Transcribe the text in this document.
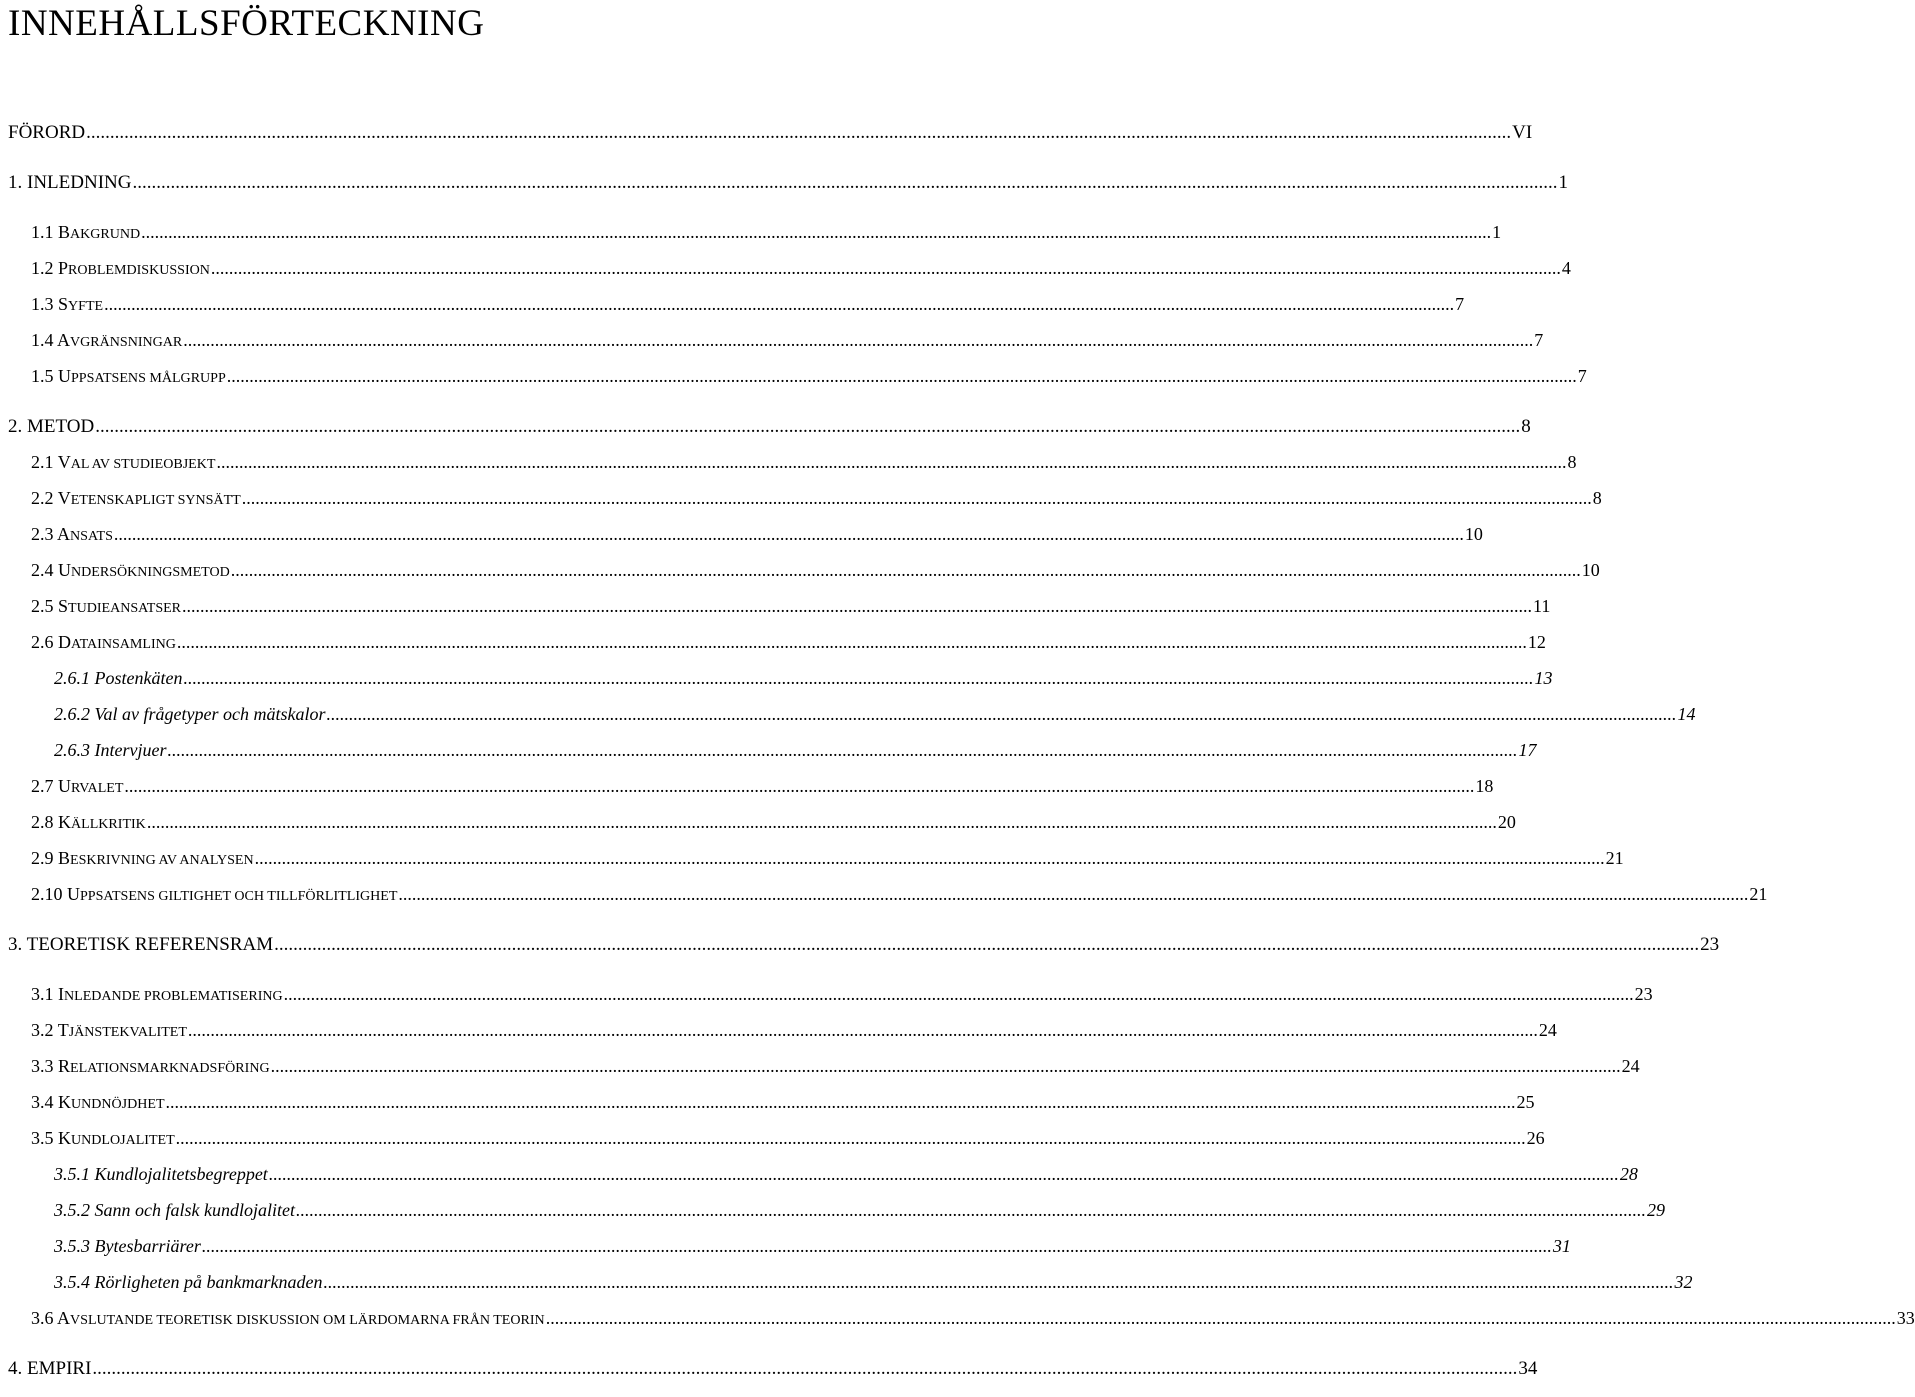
INNEHÅLLSFÖRTECKNING
FÖRORD ............................................................................................................................................................................................................................................................................................................ VI
1. INLEDNING ............................................................................................................................................................................................................................................................................................................ 1
1.1 BAKGRUND ............................................................................................................................................................................................................................................................................................................ 1
1.2 PROBLEMDISKUSSION ............................................................................................................................................................................................................................................................................................................ 4
1.3 SYFTE ............................................................................................................................................................................................................................................................................................................ 7
1.4 AVGRÄNSNINGAR ............................................................................................................................................................................................................................................................................................................ 7
1.5 UPPSATSENS MÅLGRUPP ............................................................................................................................................................................................................................................................................................................ 7
2. METOD ............................................................................................................................................................................................................................................................................................................ 8
2.1 VAL AV STUDIEOBJEKT ............................................................................................................................................................................................................................................................................................................ 8
2.2 VETENSKAPLIGT SYNSÄTT ............................................................................................................................................................................................................................................................................................................ 8
2.3 ANSATS ............................................................................................................................................................................................................................................................................................................ 10
2.4 UNDERSÖKNINGSMETOD ............................................................................................................................................................................................................................................................................................................ 10
2.5 STUDIEANSATSER ............................................................................................................................................................................................................................................................................................................ 11
2.6 DATAINSAMLING ............................................................................................................................................................................................................................................................................................................ 12
2.6.1 Postenkäten ............................................................................................................................................................................................................................................................................................................ 13
2.6.2 Val av frågetyper och mätskalor ............................................................................................................................................................................................................................................................................................................ 14
2.6.3 Intervjuer ............................................................................................................................................................................................................................................................................................................ 17
2.7 URVALET ............................................................................................................................................................................................................................................................................................................ 18
2.8 KÄLLKRITIK ............................................................................................................................................................................................................................................................................................................ 20
2.9 BESKRIVNING AV ANALYSEN ............................................................................................................................................................................................................................................................................................................ 21
2.10 UPPSATSENS GILTIGHET OCH TILLFÖRLITLIGHET ............................................................................................................................................................................................................................................................................................................ 21
3. TEORETISK REFERENSRAM ............................................................................................................................................................................................................................................................................................................ 23
3.1 INLEDANDE PROBLEMATISERING ............................................................................................................................................................................................................................................................................................................ 23
3.2 TJÄNSTEKVALITET ............................................................................................................................................................................................................................................................................................................ 24
3.3 RELATIONSMARKNADSFÖRING ............................................................................................................................................................................................................................................................................................................ 24
3.4 KUNDNÖJDHET ............................................................................................................................................................................................................................................................................................................ 25
3.5 KUNDLOJALITET ............................................................................................................................................................................................................................................................................................................ 26
3.5.1 Kundlojalitetsbegreppet ............................................................................................................................................................................................................................................................................................................ 28
3.5.2 Sann och falsk kundlojalitet ............................................................................................................................................................................................................................................................................................................ 29
3.5.3 Bytesbarriärer ............................................................................................................................................................................................................................................................................................................ 31
3.5.4 Rörligheten på bankmarknaden ............................................................................................................................................................................................................................................................................................................ 32
3.6 AVSLUTANDE TEORETISK DISKUSSION OM LÄRDOMARNA FRÅN TEORIN ............................................................................................................................................................................................................................................................................................................ 33
4. EMPIRI ............................................................................................................................................................................................................................................................................................................ 34
